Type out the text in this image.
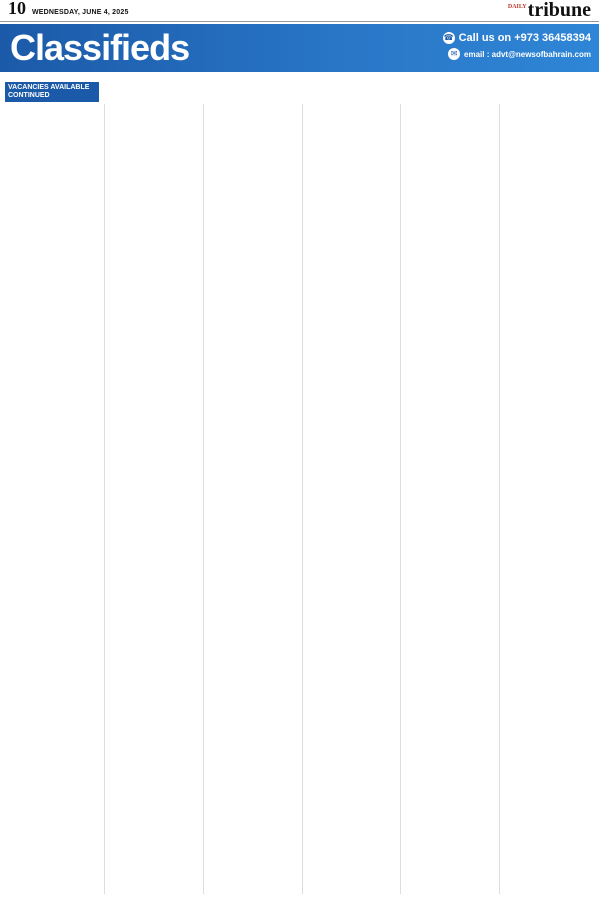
10 WEDNESDAY, JUNE 4, 2025
DAILY tribune
Classifieds	☎ Call us on +973 36458394
✉ email : advt@newsofbahrain.com
VACANCIES AVAILABLE CONTINUED
